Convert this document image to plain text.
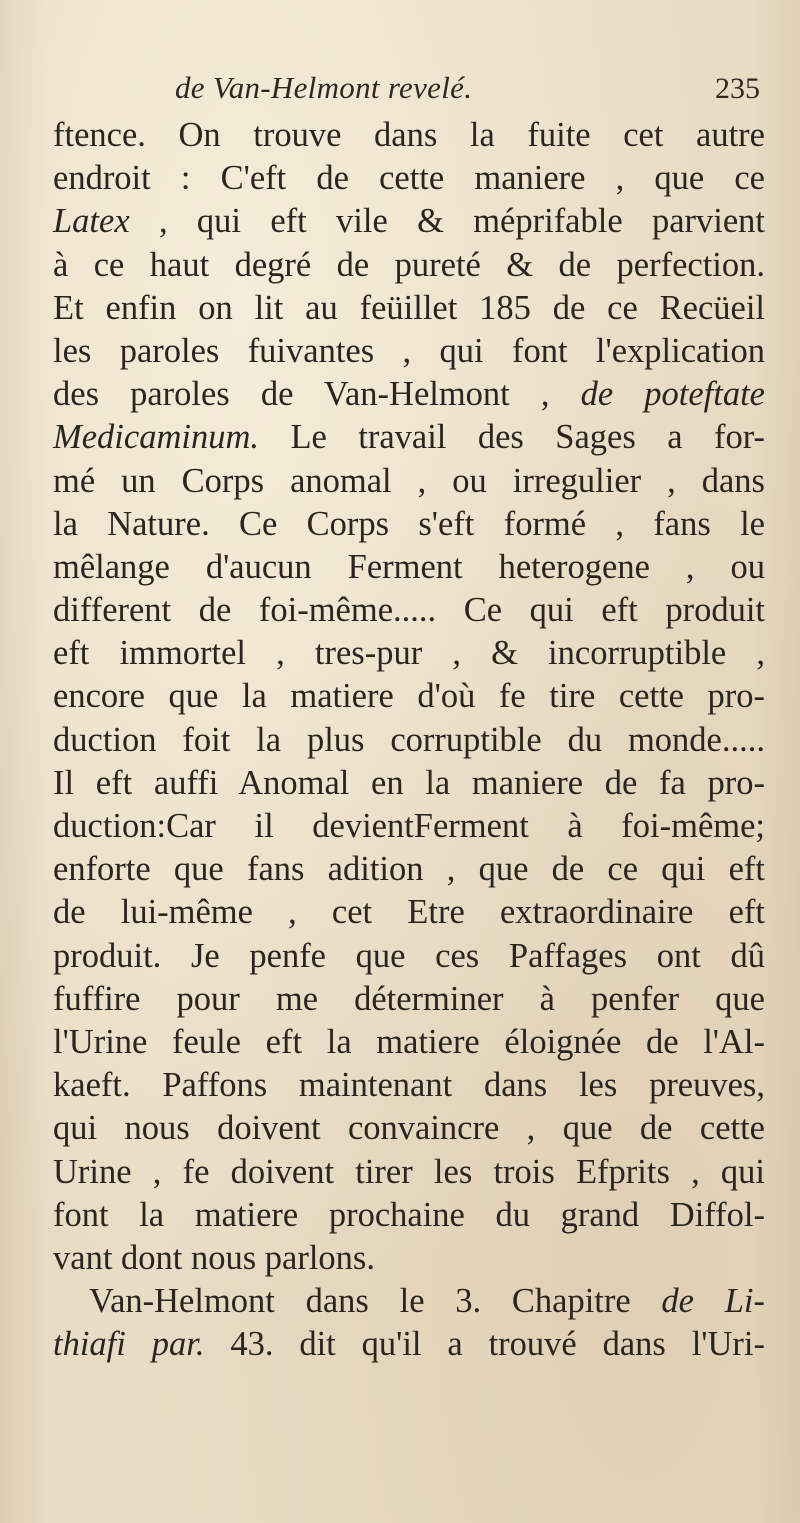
de Van-Helmont revelé.	235
ftence. On trouve dans la fuite cet autre
endroit : C'eft de cette maniere , que ce
Latex , qui eft vile & méprifable parvient
à ce haut degré de pureté & de perfection.
Et enfin on lit au feüillet 185 de ce Recüeil
les paroles fuivantes , qui font l'explication
des paroles de Van-Helmont , de poteftate
Medicaminum. Le travail des Sages a for-
mé un Corps anomal , ou irregulier , dans
la Nature. Ce Corps s'eft formé , fans le
mêlange d'aucun Ferment heterogene , ou
different de foi-même..... Ce qui eft produit
eft immortel , tres-pur , & incorruptible ,
encore que la matiere d'où fe tire cette pro-
duction foit la plus corruptible du monde.....
Il eft auffi Anomal en la maniere de fa pro-
duction:Car il devientFerment à foi-même;
enforte que fans adition , que de ce qui eft
de lui-même , cet Etre extraordinaire eft
produit. Je penfe que ces Paffages ont dû
fuffire pour me déterminer à penfer que
l'Urine feule eft la matiere éloignée de l'Al-
kaeft. Paffons maintenant dans les preuves,
qui nous doivent convaincre , que de cette
Urine , fe doivent tirer les trois Efprits , qui
font la matiere prochaine du grand Diffol-
vant dont nous parlons.
Van-Helmont dans le 3. Chapitre de Li-
thiafi par. 43. dit qu'il a trouvé dans l'Uri-
